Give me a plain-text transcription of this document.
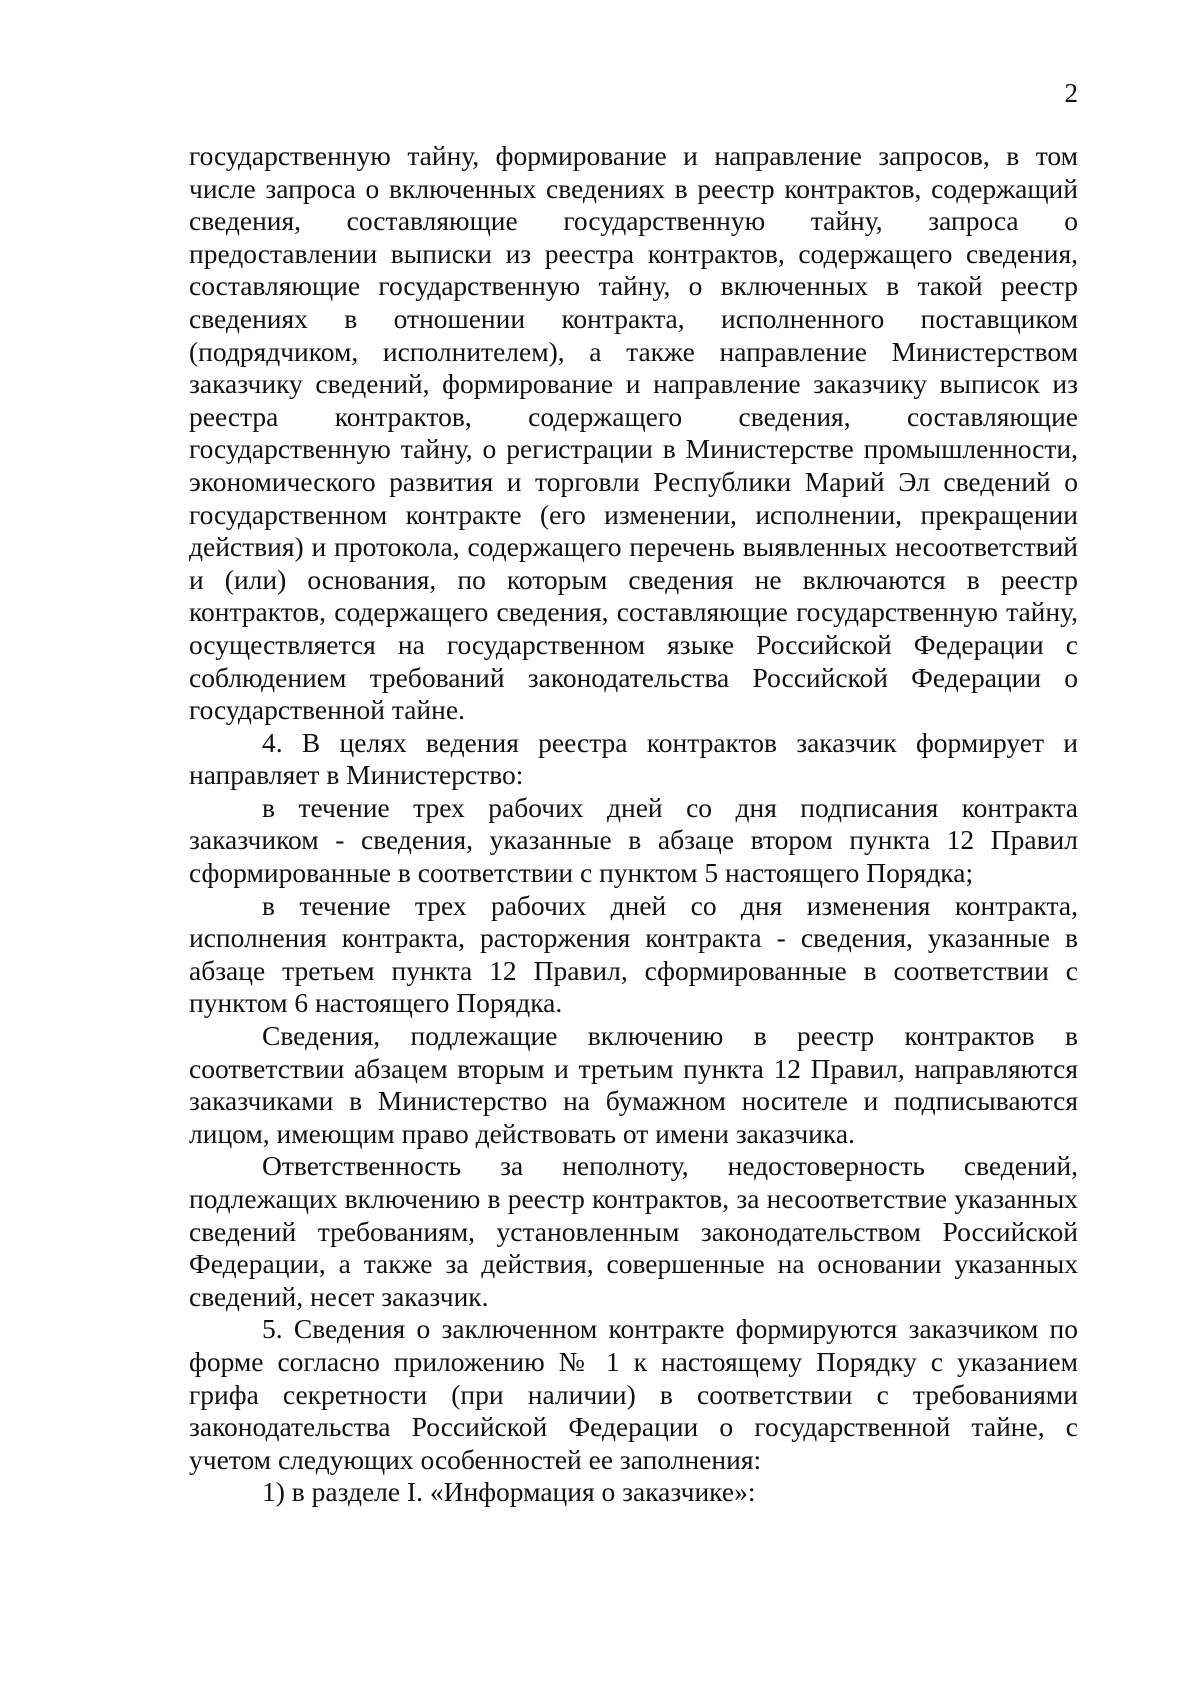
2

государственную тайну, формирование и направление запросов, в том числе запроса о включенных сведениях в реестр контрактов, содержащий сведения, составляющие государственную тайну, запроса о предоставлении выписки из реестра контрактов, содержащего сведения, составляющие государственную тайну, о включенных в такой реестр сведениях в отношении контракта, исполненного поставщиком (подрядчиком, исполнителем), а также направление Министерством заказчику сведений, формирование и направление заказчику выписок из реестра контрактов, содержащего сведения, составляющие государственную тайну, о регистрации в Министерстве промышленности, экономического развития и торговли Республики Марий Эл сведений о государственном контракте (его изменении, исполнении, прекращении действия) и протокола, содержащего перечень выявленных несоответствий и (или) основания, по которым сведения не включаются в реестр контрактов, содержащего сведения, составляющие государственную тайну, осуществляется на государственном языке Российской Федерации с соблюдением требований законодательства Российской Федерации о государственной тайне.

4. В целях ведения реестра контрактов заказчик формирует и направляет в Министерство:

в течение трех рабочих дней со дня подписания контракта заказчиком - сведения, указанные в абзаце втором пункта 12 Правил сформированные в соответствии с пунктом 5 настоящего Порядка;

в течение трех рабочих дней со дня изменения контракта, исполнения контракта, расторжения контракта - сведения, указанные в абзаце третьем пункта 12 Правил, сформированные в соответствии с пунктом 6 настоящего Порядка.

Сведения, подлежащие включению в реестр контрактов в соответствии абзацем вторым и третьим пункта 12 Правил, направляются заказчиками в Министерство на бумажном носителе и подписываются лицом, имеющим право действовать от имени заказчика.

Ответственность за неполноту, недостоверность сведений, подлежащих включению в реестр контрактов, за несоответствие указанных сведений требованиям, установленным законодательством Российской Федерации, а также за действия, совершенные на основании указанных сведений, несет заказчик.

5. Сведения о заключенном контракте формируются заказчиком по форме согласно приложению № 1 к настоящему Порядку с указанием грифа секретности (при наличии) в соответствии с требованиями законодательства Российской Федерации о государственной тайне, с учетом следующих особенностей ее заполнения:

1) в разделе I. «Информация о заказчике»:
